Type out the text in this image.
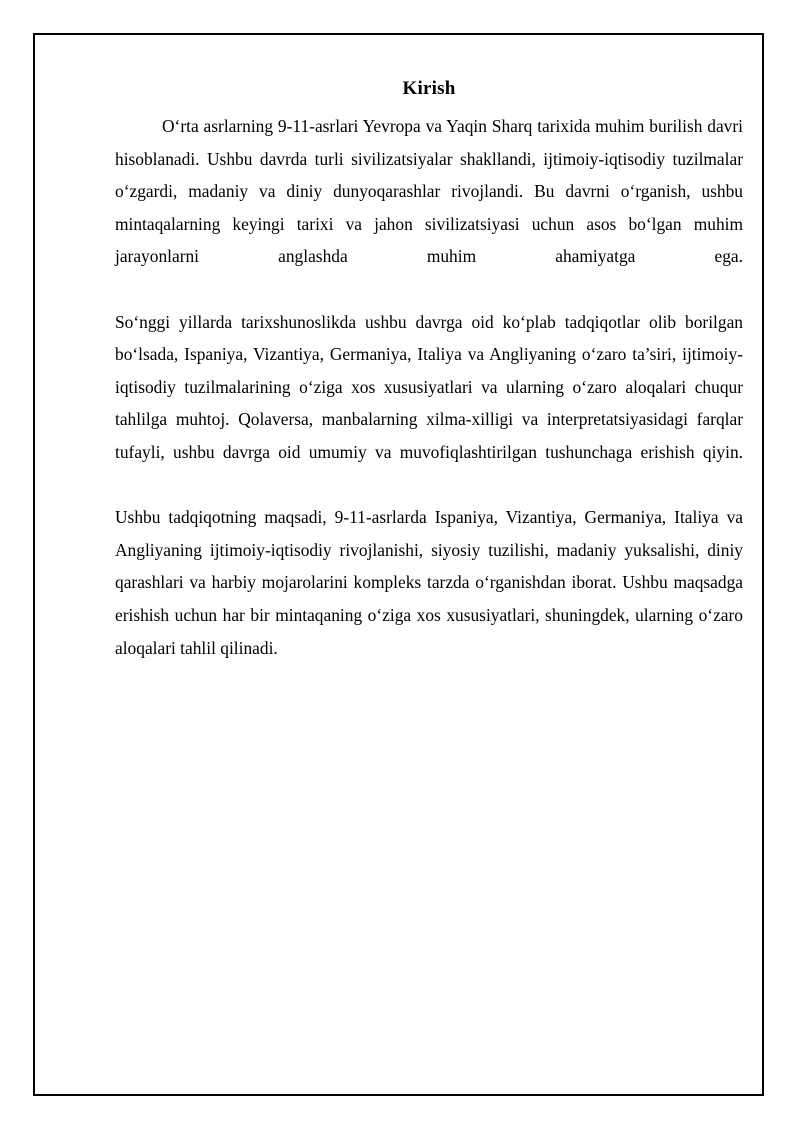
Kirish

O‘rta asrlarning 9-11-asrlari Yevropa va Yaqin Sharq tarixida muhim burilish davri hisoblanadi. Ushbu davrda turli sivilizatsiyalar shakllandi, ijtimoiy-iqtisodiy tuzilmalar o‘zgardi, madaniy va diniy dunyoqarashlar rivojlandi. Bu davrni o‘rganish, ushbu mintaqalarning keyingi tarixi va jahon sivilizatsiyasi uchun asos bo‘lgan muhim jarayonlarni anglashda muhim ahamiyatga ega.

So‘nggi yillarda tarixshunoslikda ushbu davrga oid ko‘plab tadqiqotlar olib borilgan bo‘lsada, Ispaniya, Vizantiya, Germaniya, Italiya va Angliyaning o‘zaro ta’siri, ijtimoiy-iqtisodiy tuzilmalarining o‘ziga xos xususiyatlari va ularning o‘zaro aloqalari chuqur tahlilga muhtoj. Qolaversa, manbalarning xilma-xilligi va interpretatsiyasidagi farqlar tufayli, ushbu davrga oid umumiy va muvofiqlashtirilgan tushunchaga erishish qiyin.

Ushbu tadqiqotning maqsadi, 9-11-asrlarda Ispaniya, Vizantiya, Germaniya, Italiya va Angliyaning ijtimoiy-iqtisodiy rivojlanishi, siyosiy tuzilishi, madaniy yuksalishi, diniy qarashlari va harbiy mojarolarini kompleks tarzda o‘rganishdan iborat. Ushbu maqsadga erishish uchun har bir mintaqaning o‘ziga xos xususiyatlari, shuningdek, ularning o‘zaro aloqalari tahlil qilinadi.
